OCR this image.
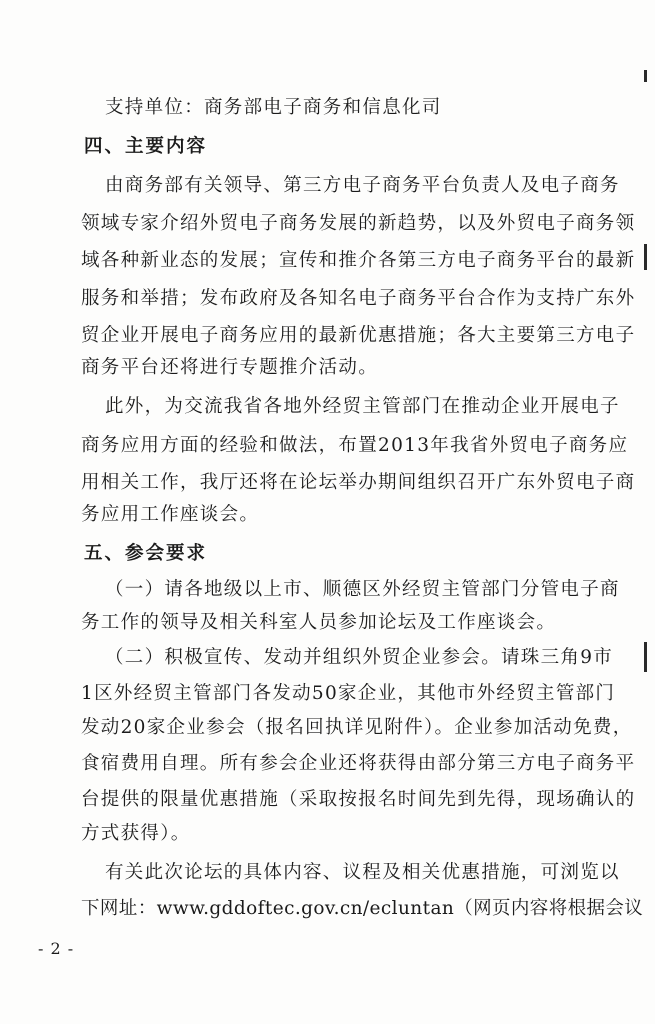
支持单位：商务部电子商务和信息化司
四、主要内容
由商务部有关领导、第三方电子商务平台负责人及电子商务
领域专家介绍外贸电子商务发展的新趋势，以及外贸电子商务领
域各种新业态的发展；宣传和推介各第三方电子商务平台的最新
服务和举措；发布政府及各知名电子商务平台合作为支持广东外
贸企业开展电子商务应用的最新优惠措施；各大主要第三方电子
商务平台还将进行专题推介活动。
此外，为交流我省各地外经贸主管部门在推动企业开展电子
商务应用方面的经验和做法，布置2013年我省外贸电子商务应
用相关工作，我厅还将在论坛举办期间组织召开广东外贸电子商
务应用工作座谈会。
五、参会要求
（一）请各地级以上市、顺德区外经贸主管部门分管电子商
务工作的领导及相关科室人员参加论坛及工作座谈会。
（二）积极宣传、发动并组织外贸企业参会。请珠三角9市
1区外经贸主管部门各发动50家企业，其他市外经贸主管部门
发动20家企业参会（报名回执详见附件）。企业参加活动免费，
食宿费用自理。所有参会企业还将获得由部分第三方电子商务平
台提供的限量优惠措施（采取按报名时间先到先得，现场确认的
方式获得）。
有关此次论坛的具体内容、议程及相关优惠措施，可浏览以
下网址：www.gddoftec.gov.cn/ecluntan（网页内容将根据会议
- 2 -
